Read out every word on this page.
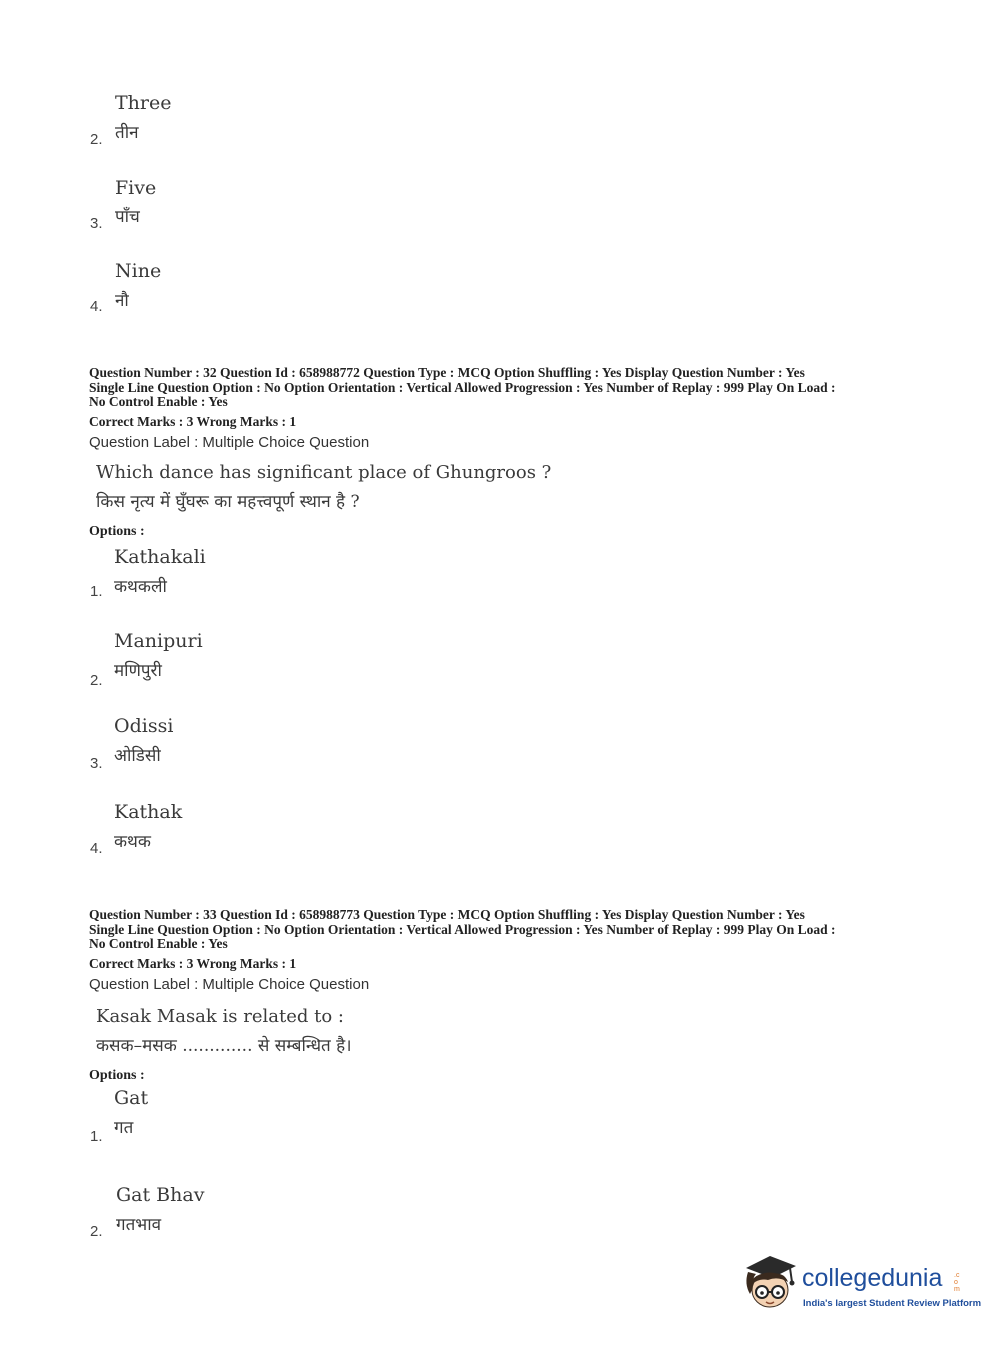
Three
तीन
2.
Five
पाँच
3.
Nine
नौ
4.
Question Number : 32 Question Id : 658988772 Question Type : MCQ Option Shuffling : Yes Display Question Number : Yes
Single Line Question Option : No Option Orientation : Vertical Allowed Progression : Yes Number of Replay : 999 Play On Load :
No Control Enable : Yes
Correct Marks : 3 Wrong Marks : 1
Question Label : Multiple Choice Question
Which dance has significant place of Ghungroos ?
किस नृत्य में घुँघरू का महत्त्वपूर्ण स्थान है ?
Options :
Kathakali
कथकली
1.
Manipuri
मणिपुरी
2.
Odissi
ओडिसी
3.
Kathak
कथक
4.
Question Number : 33 Question Id : 658988773 Question Type : MCQ Option Shuffling : Yes Display Question Number : Yes
Single Line Question Option : No Option Orientation : Vertical Allowed Progression : Yes Number of Replay : 999 Play On Load :
No Control Enable : Yes
Correct Marks : 3 Wrong Marks : 1
Question Label : Multiple Choice Question
Kasak Masak is related to :
कसक–मसक ............. से सम्बन्धित है।
Options :
Gat
गत
1.
Gat Bhav
गतभाव
2.
collegedunia .com
India's largest Student Review Platform
